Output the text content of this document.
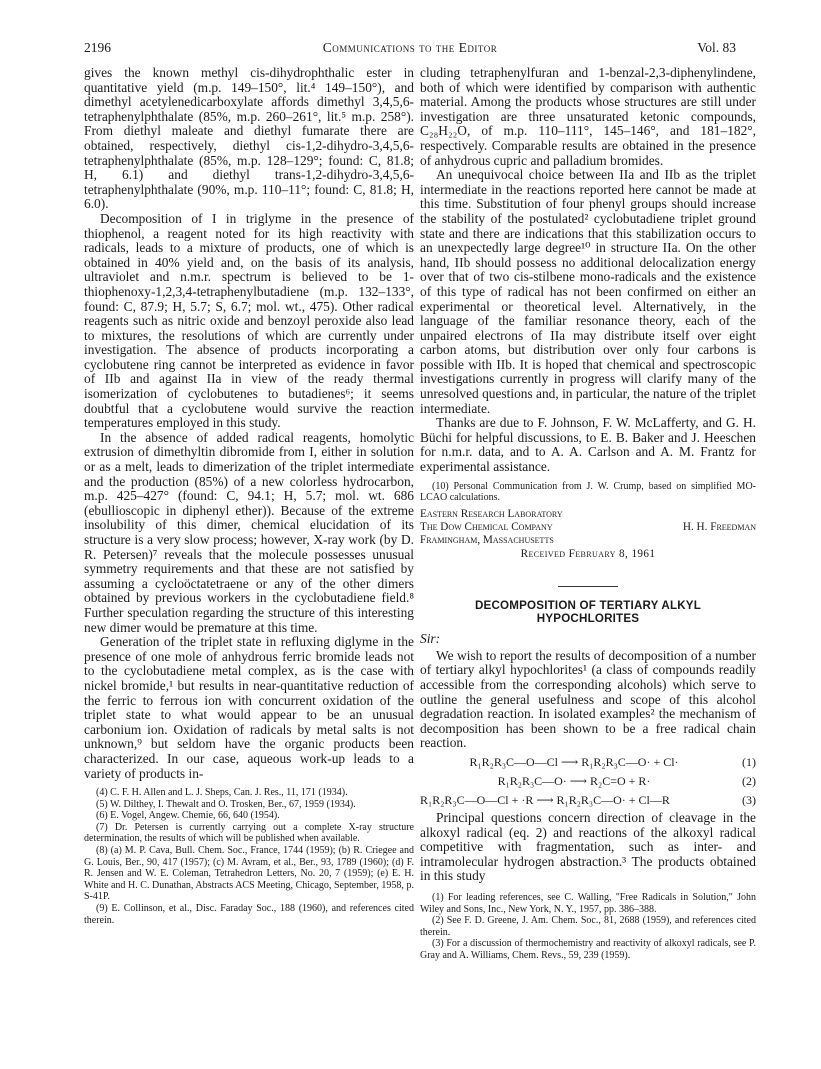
2196	Communications to the Editor	Vol. 83

gives the known methyl cis-dihydrophthalic ester in quantitative yield (m.p. 149–150°, lit.⁴ 149–150°), and dimethyl acetylenedicarboxylate affords dimethyl 3,4,5,6-tetraphenylphthalate (85%, m.p. 260–261°, lit.⁵ m.p. 258°). From diethyl maleate and diethyl fumarate there are obtained, respectively, diethyl cis-1,2-dihydro-3,4,5,6-tetraphenylphthalate (85%, m.p. 128–129°; found: C, 81.8; H, 6.1) and diethyl trans-1,2-dihydro-3,4,5,6-tetraphenylphthalate (90%, m.p. 110–11°; found: C, 81.8; H, 6.0).

Decomposition of I in triglyme in the presence of thiophenol, a reagent noted for its high reactivity with radicals, leads to a mixture of products, one of which is obtained in 40% yield and, on the basis of its analysis, ultraviolet and n.m.r. spectrum is believed to be 1-thiophenoxy-1,2,3,4-tetraphenylbutadiene (m.p. 132–133°, found: C, 87.9; H, 5.7; S, 6.7; mol. wt., 475). Other radical reagents such as nitric oxide and benzoyl peroxide also lead to mixtures, the resolutions of which are currently under investigation. The absence of products incorporating a cyclobutene ring cannot be interpreted as evidence in favor of IIb and against IIa in view of the ready thermal isomerization of cyclobutenes to butadienes⁶; it seems doubtful that a cyclobutene would survive the reaction temperatures employed in this study.

In the absence of added radical reagents, homolytic extrusion of dimethyltin dibromide from I, either in solution or as a melt, leads to dimerization of the triplet intermediate and the production (85%) of a new colorless hydrocarbon, m.p. 425–427° (found: C, 94.1; H, 5.7; mol. wt. 686 (ebullioscopic in diphenyl ether)). Because of the extreme insolubility of this dimer, chemical elucidation of its structure is a very slow process; however, X-ray work (by D. R. Petersen)⁷ reveals that the molecule possesses unusual symmetry requirements and that these are not satisfied by assuming a cycloöctatetraene or any of the other dimers obtained by previous workers in the cyclobutadiene field.⁸ Further speculation regarding the structure of this interesting new dimer would be premature at this time.

Generation of the triplet state in refluxing diglyme in the presence of one mole of anhydrous ferric bromide leads not to the cyclobutadiene metal complex, as is the case with nickel bromide,¹ but results in near-quantitative reduction of the ferric to ferrous ion with concurrent oxidation of the triplet state to what would appear to be an unusual carbonium ion. Oxidation of radicals by metal salts is not unknown,⁹ but seldom have the organic products been characterized. In our case, aqueous work-up leads to a variety of products in-

(4) C. F. H. Allen and L. J. Sheps, Can. J. Res., 11, 171 (1934).

(5) W. Dilthey, I. Thewalt and O. Trosken, Ber., 67, 1959 (1934).

(6) E. Vogel, Angew. Chemie, 66, 640 (1954).

(7) Dr. Petersen is currently carrying out a complete X-ray structure determination, the results of which will be published when available.

(8) (a) M. P. Cava, Bull. Chem. Soc., France, 1744 (1959); (b) R. Criegee and G. Louis, Ber., 90, 417 (1957); (c) M. Avram, et al., Ber., 93, 1789 (1960); (d) F. R. Jensen and W. E. Coleman, Tetrahedron Letters, No. 20, 7 (1959); (e) E. H. White and H. C. Dunathan, Abstracts ACS Meeting, Chicago, September, 1958, p. S-41P.

(9) E. Collinson, et al., Disc. Faraday Soc., 188 (1960), and references cited therein.

cluding tetraphenylfuran and 1-benzal-2,3-diphenylindene, both of which were identified by comparison with authentic material. Among the products whose structures are still under investigation are three unsaturated ketonic compounds, C₂₈H₂₂O, of m.p. 110–111°, 145–146°, and 181–182°, respectively. Comparable results are obtained in the presence of anhydrous cupric and palladium bromides.

An unequivocal choice between IIa and IIb as the triplet intermediate in the reactions reported here cannot be made at this time. Substitution of four phenyl groups should increase the stability of the postulated² cyclobutadiene triplet ground state and there are indications that this stabilization occurs to an unexpectedly large degree¹⁰ in structure IIa. On the other hand, IIb should possess no additional delocalization energy over that of two cis-stilbene mono-radicals and the existence of this type of radical has not been confirmed on either an experimental or theoretical level. Alternatively, in the language of the familiar resonance theory, each of the unpaired electrons of IIa may distribute itself over eight carbon atoms, but distribution over only four carbons is possible with IIb. It is hoped that chemical and spectroscopic investigations currently in progress will clarify many of the unresolved questions and, in particular, the nature of the triplet intermediate.

Thanks are due to F. Johnson, F. W. McLafferty, and G. H. Büchi for helpful discussions, to E. B. Baker and J. Heeschen for n.m.r. data, and to A. A. Carlson and A. M. Frantz for experimental assistance.

(10) Personal Communication from J. W. Crump, based on simplified MO-LCAO calculations.

Eastern Research Laboratory
The Dow Chemical Company	H. H. Freedman
Framingham, Massachusetts
Received February 8, 1961
DECOMPOSITION OF TERTIARY ALKYL
HYPOCHLORITES
Sir:

We wish to report the results of decomposition of a number of tertiary alkyl hypochlorites¹ (a class of compounds readily accessible from the corresponding alcohols) which serve to outline the general usefulness and scope of this alcohol degradation reaction. In isolated examples² the mechanism of decomposition has been shown to be a free radical chain reaction.

R₁R₂R₃C—O—Cl ⟶ R₁R₂R₃C—O· + Cl·	(1)
R₁R₂R₃C—O· ⟶ R₂C=O + R·	(2)
R₁R₂R₃C—O—Cl + ·R ⟶ R₁R₂R₃C—O· + Cl—R	(3)

Principal questions concern direction of cleavage in the alkoxyl radical (eq. 2) and reactions of the alkoxyl radical competitive with fragmentation, such as inter- and intramolecular hydrogen abstraction.³ The products obtained in this study

(1) For leading references, see C. Walling, "Free Radicals in Solution," John Wiley and Sons, Inc., New York, N. Y., 1957, pp. 386–388.

(2) See F. D. Greene, J. Am. Chem. Soc., 81, 2688 (1959), and references cited therein.

(3) For a discussion of thermochemistry and reactivity of alkoxyl radicals, see P. Gray and A. Williams, Chem. Revs., 59, 239 (1959).
